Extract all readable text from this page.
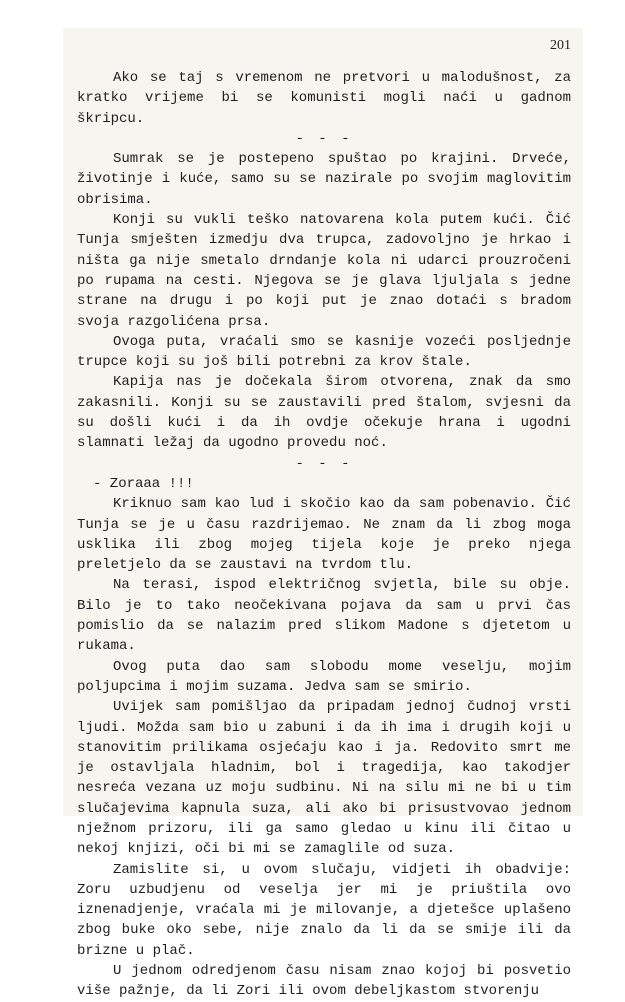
201

Ako se taj s vremenom ne pretvori u malodušnost, za kratko vrijeme bi se komunisti mogli naći u gadnom škripcu.

- - -

Sumrak se je postepeno spuštao po krajini. Drveće, životinje i kuće, samo su se nazirale po svojim maglovitim obrisima.

Konji su vukli teško natovarena kola putem kući. Čić Tunja smješten izmedju dva trupca, zadovoljno je hrkao i ništa ga nije smetalo drndanje kola ni udarci prouzročeni po rupama na cesti. Njegova se je glava ljuljala s jedne strane na drugu i po koji put je znao dotaći s bradom svoja razgolićena prsa.

Ovoga puta, vraćali smo se kasnije vozeći posljednje trupce koji su još bili potrebni za krov štale.

Kapija nas je dočekala širom otvorena, znak da smo zakasnili. Konji su se zaustavili pred štalom, svjesni da su došli kući i da ih ovdje očekuje hrana i ugodni slamnati ležaj da ugodno provedu noć.

- - -

- Zoraaa !!!

Kriknuo sam kao lud i skočio kao da sam pobenavio. Čić Tunja se je u času razdrijemao. Ne znam da li zbog moga usklika ili zbog mojeg tijela koje je preko njega preletjelo da se zaustavi na tvrdom tlu.

Na terasi, ispod električnog svjetla, bile su obje. Bilo je to tako neočekivana pojava da sam u prvi čas pomislio da se nalazim pred slikom Madone s djetetom u rukama.

Ovog puta dao sam slobodu mome veselju, mojim poljupcima i mojim suzama. Jedva sam se smirio.

Uvijek sam pomišljao da pripadam jednoj čudnoj vrsti ljudi. Možda sam bio u zabuni i da ih ima i drugih koji u stanovitim prilikama osjećaju kao i ja. Redovito smrt me je ostavljala hladnim, bol i tragedija, kao takodjer nesreća vezana uz moju sudbinu. Ni na silu mi ne bi u tim slučajevima kapnula suza, ali ako bi prisustvovao jednom nježnom prizoru, ili ga samo gledao u kinu ili čitao u nekoj knjizi, oči bi mi se zamaglile od suza.

Zamislite si, u ovom slučaju, vidjeti ih obadvije: Zoru uzbudjenu od veselja jer mi je priuštila ovo iznenadjenje, vraćala mi je milovanje, a djetešce uplašeno zbog buke oko sebe, nije znalo da li da se smije ili da brizne u plač.

U jednom odredjenom času nisam znao kojoj bi posvetio više pažnje, da li Zori ili ovom debeljkastom stvorenju
